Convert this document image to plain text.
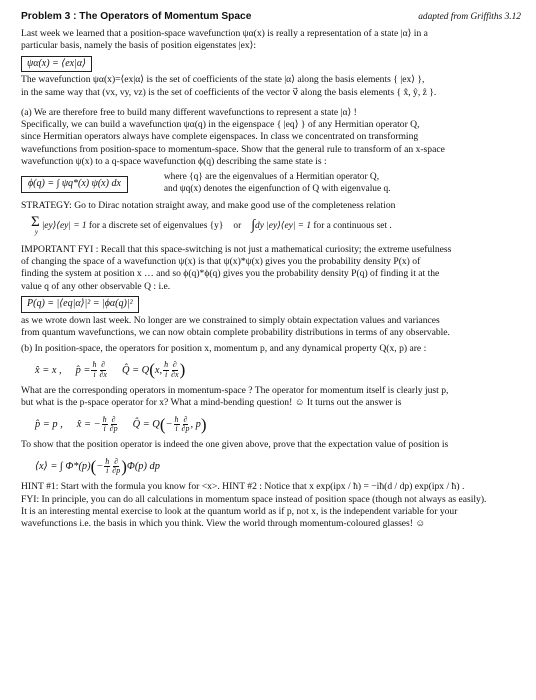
Problem 3 : The Operators of Momentum Space	adapted from Griffiths 3.12

Last week we learned that a position-space wavefunction ψα(x) is really a representation of a state |α⟩ in a

particular basis, namely the basis of position eigenstates |ex⟩:

ψα(x) = ⟨ex|α⟩

The wavefunction ψα(x)=⟨ex|α⟩ is the set of coefficients of the state |α⟩ along the basis elements { |ex⟩ },

in the same way that (vx, vy, vz) is the set of coefficients of the vector v⃗ along the basis elements { x̂, ŷ, ẑ }.

(a) We are therefore free to build many different wavefunctions to represent a state |α⟩ !

Specifically, we can build a wavefunction ψα(q) in the eigenspace { |eq⟩ } of any Hermitian operator Q,

since Hermitian operators always have complete eigenspaces. In class we concentrated on transforming

wavefunctions from position-space to momentum-space. Show that the general rule to transform of an x-space

wavefunction ψ(x) to a q-space wavefunction ϕ(q) describing the same state is :

ϕ(q) = ∫ ψq*(x) ψ(x) dx
where {q} are the eigenvalues of a Hermitian operator Q,
and ψq(x) denotes the eigenfunction of Q with eigenvalue q.

STRATEGY: Go to Dirac notation straight away, and make good use of the completeness relation

Σ
y
|ey⟩⟨ey| = 1
for a discrete set of eigenvalues {y} or ∫ dy |ey⟩⟨ey| = 1
for a continuous set .

IMPORTANT FYI : Recall that this space-switching is not just a mathematical curiosity; the extreme usefulness

of changing the space of a wavefunction ψ(x) is that ψ(x)*ψ(x) gives you the probability density P(x) of

finding the system at position x … and so ϕ(q)*ϕ(q) gives you the probability density P(q) of finding it at the

value q of any other observable Q : i.e.

P(q) = |⟨eq|α⟩|² = |ϕα(q)|²

as we wrote down last week. No longer are we constrained to simply obtain expectation values and variances

from quantum wavefunctions, we can now obtain complete probability distributions in terms of any observable.

(b) In position-space, the operators for position x, momentum p, and any dynamical property Q(x, p) are :

x̂ = x , p̂ = $\frac{ħ}{i} \frac{\partial}{\partial x}$ Q̂ = Q ( x, $\frac{ħ}{i} \frac{\partial}{\partial x}$ )

What are the corresponding operators in momentum-space ? The operator for momentum itself is clearly just p,

but what is the p-space operator for x? What a mind-bending question! ☺ It turns out the answer is

p̂ = p , x̂ = − $\frac{ħ}{i} \frac{\partial}{\partial p}$ Q̂ = Q ( − $\frac{ħ}{i} \frac{\partial}{\partial p}$ , p )

To show that the position operator is indeed the one given above, prove that the expectation value of position is

⟨x⟩ = ∫ Φ*(p) ( − $\frac{ħ}{i} \frac{\partial}{\partial p}$ ) Φ(p) dp

HINT #1: Start with the formula you know for <x>. HINT #2 : Notice that x exp(ipx / ħ) = −iħ(d / dp) exp(ipx / ħ) .

FYI: In principle, you can do all calculations in momentum space instead of position space (though not always as easily).

It is an interesting mental exercise to look at the quantum world as if p, not x, is the independent variable for your

wavefunctions i.e. the basis in which you think. View the world through momentum-coloured glasses! ☺
